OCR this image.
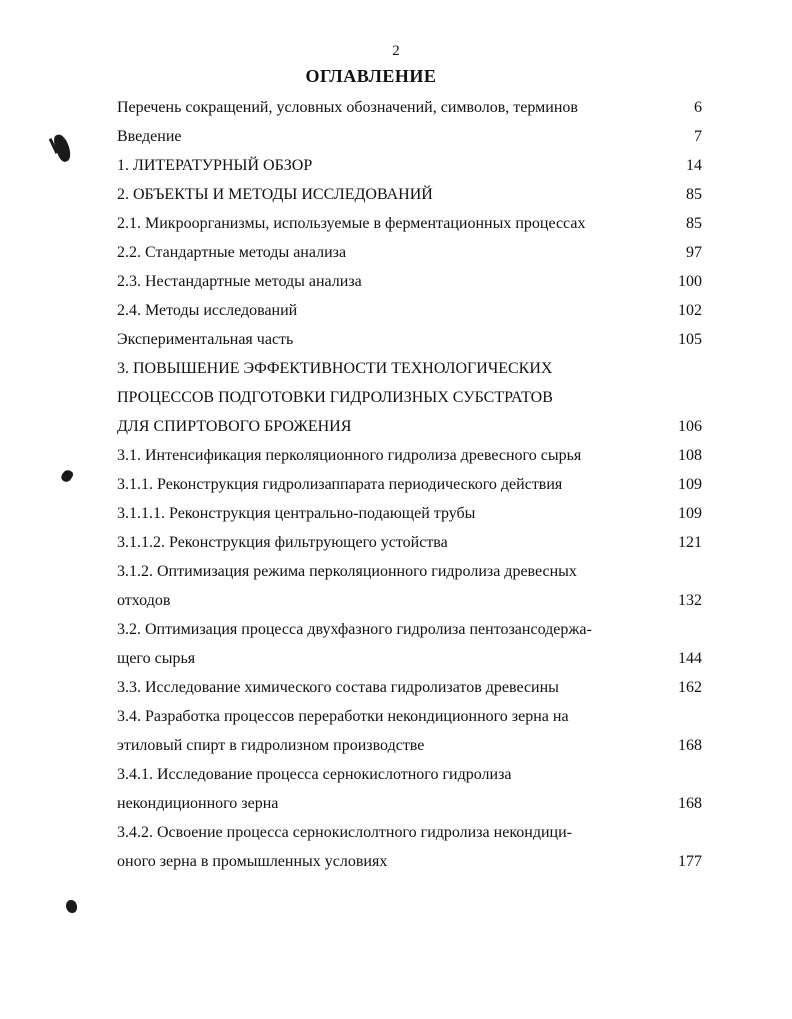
2
ОГЛАВЛЕНИЕ
Перечень сокращений, условных обозначений, символов, терминов	6
Введение	7
1. ЛИТЕРАТУРНЫЙ ОБЗОР	14
2. ОБЪЕКТЫ И МЕТОДЫ ИССЛЕДОВАНИЙ	85
2.1. Микроорганизмы, используемые в ферментационных процессах	85
2.2. Стандартные методы анализа	97
2.3. Нестандартные методы анализа	100
2.4. Методы исследований	102
Экспериментальная часть	105
3. ПОВЫШЕНИЕ ЭФФЕКТИВНОСТИ ТЕХНОЛОГИЧЕСКИХ
ПРОЦЕССОВ ПОДГОТОВКИ ГИДРОЛИЗНЫХ СУБСТРАТОВ
ДЛЯ СПИРТОВОГО БРОЖЕНИЯ	106
3.1. Интенсификация перколяционного гидролиза древесного сырья	108
3.1.1. Реконструкция гидролизаппарата периодического действия	109
3.1.1.1. Реконструкция центрально-подающей трубы	109
3.1.1.2. Реконструкция фильтрующего устойства	121
3.1.2. Оптимизация режима перколяционного гидролиза древесных
отходов	132
3.2. Оптимизация процесса двухфазного гидролиза пентозансодержа-
щего сырья	144
3.3. Исследование химического состава гидролизатов древесины	162
3.4. Разработка процессов переработки некондиционного зерна на
этиловый спирт в гидролизном производстве	168
3.4.1. Исследование процесса сернокислотного гидролиза
некондиционного зерна	168
3.4.2. Освоение процесса сернокислолтного гидролиза некондици-
оного зерна в промышленных условиях	177
